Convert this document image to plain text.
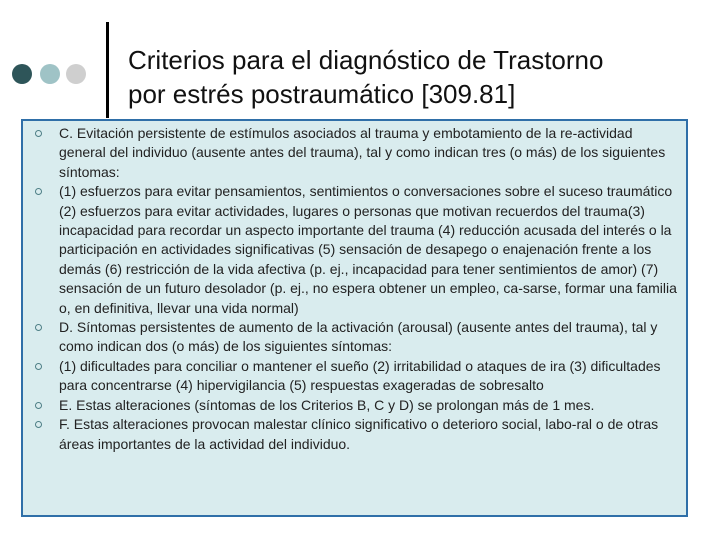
Criterios para el diagnóstico de Trastorno
por estrés postraumático [309.81]
C. Evitación persistente de estímulos asociados al trauma y embotamiento de la re-actividad general del individuo (ausente antes del trauma), tal y como indican tres (o más) de los siguientes síntomas:
(1) esfuerzos para evitar pensamientos, sentimientos o conversaciones sobre el suceso traumático (2) esfuerzos para evitar actividades, lugares o personas que motivan recuerdos del trauma(3) incapacidad para recordar un aspecto importante del trauma (4) reducción acusada del interés o la participación en actividades significativas (5) sensación de desapego o enajenación frente a los demás (6) restricción de la vida afectiva (p. ej., incapacidad para tener sentimientos de amor) (7) sensación de un futuro desolador (p. ej., no espera obtener un empleo, ca-sarse, formar una familia o, en definitiva, llevar una vida normal)
D. Síntomas persistentes de aumento de la activación (arousal) (ausente antes del trauma), tal y como indican dos (o más) de los siguientes síntomas:
(1) dificultades para conciliar o mantener el sueño (2) irritabilidad o ataques de ira (3) dificultades para concentrarse (4) hipervigilancia (5) respuestas exageradas de sobresalto
E. Estas alteraciones (síntomas de los Criterios B, C y D) se prolongan más de 1 mes.
F. Estas alteraciones provocan malestar clínico significativo o deterioro social, labo-ral o de otras áreas importantes de la actividad del individuo.
